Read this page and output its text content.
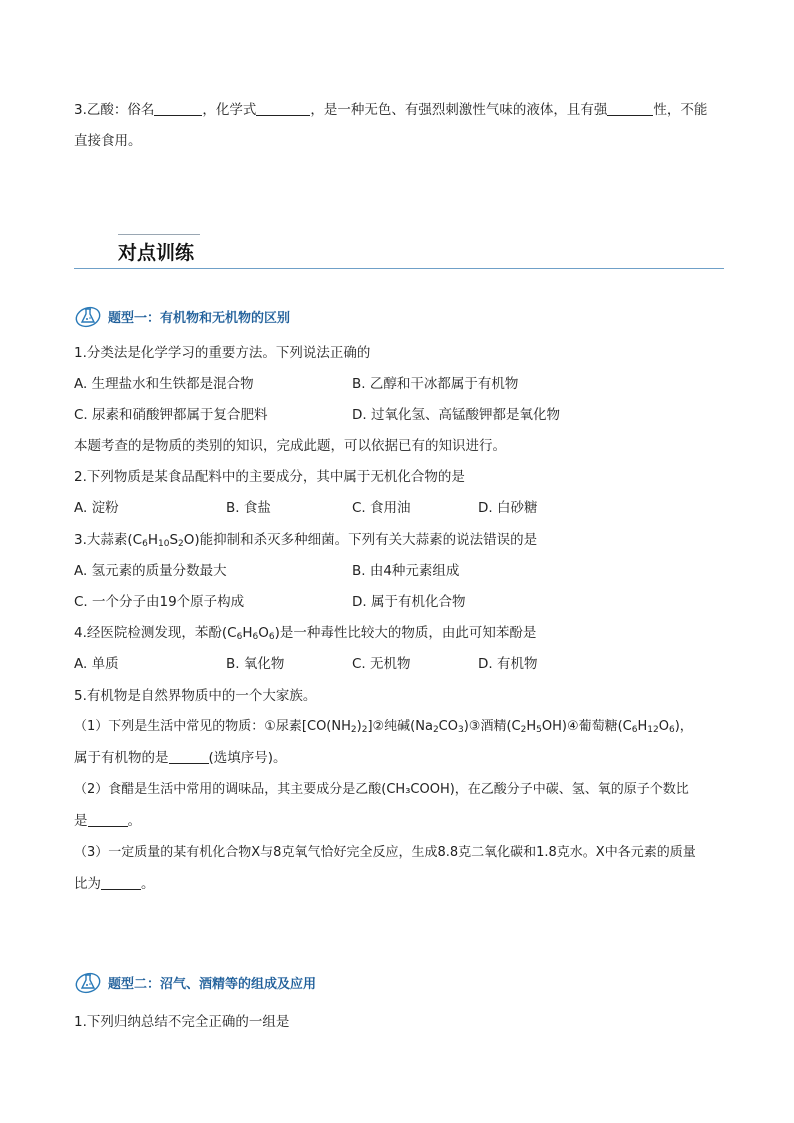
3.乙酸：俗名	，化学式	，是一种无色、有强烈刺激性气味的液体，且有强	性，不能
直接食用。
对点训练
题型一：有机物和无机物的区别
1.分类法是化学学习的重要方法。下列说法正确的
A. 生理盐水和生铁都是混合物	B. 乙醇和干冰都属于有机物
C. 尿素和硝酸钾都属于复合肥料	D. 过氧化氢、高锰酸钾都是氧化物
本题考查的是物质的类别的知识，完成此题，可以依据已有的知识进行。
2.下列物质是某食品配料中的主要成分，其中属于无机化合物的是
A. 淀粉	B. 食盐	C. 食用油	D. 白砂糖
3.大蒜素$(C_6H_{10}S_2O)$能抑制和杀灭多种细菌。下列有关大蒜素的说法错误的是
A. 氢元素的质量分数最大	B. 由4种元素组成
C. 一个分子由19个原子构成	D. 属于有机化合物
4.经医院检测发现，苯酚$(C_6H_6O_6)$是一种毒性比较大的物质，由此可知苯酚是
A. 单质	B. 氧化物	C. 无机物	D. 有机物
5.有机物是自然界物质中的一个大家族。
（1）下列是生活中常见的物质：①尿素$[CO(NH_2)_2]②$纯碱$(Na_2CO_3)③$酒精$(C_2H_5OH)④$葡萄糖$(C_6H_{12}O_6)$，
属于有机物的是	(选填序号)。
（2）食醋是生活中常用的调味品，其主要成分是乙酸(CH₃COOH)，在乙酸分子中碳、氢、氧的原子个数比
是	。
（3）一定质量的某有机化合物X与8克氧气恰好完全反应，生成8.8克二氧化碳和1.8克水。X中各元素的质量
比为	。
题型二：沼气、酒精等的组成及应用
1.下列归纳总结不完全正确的一组是
